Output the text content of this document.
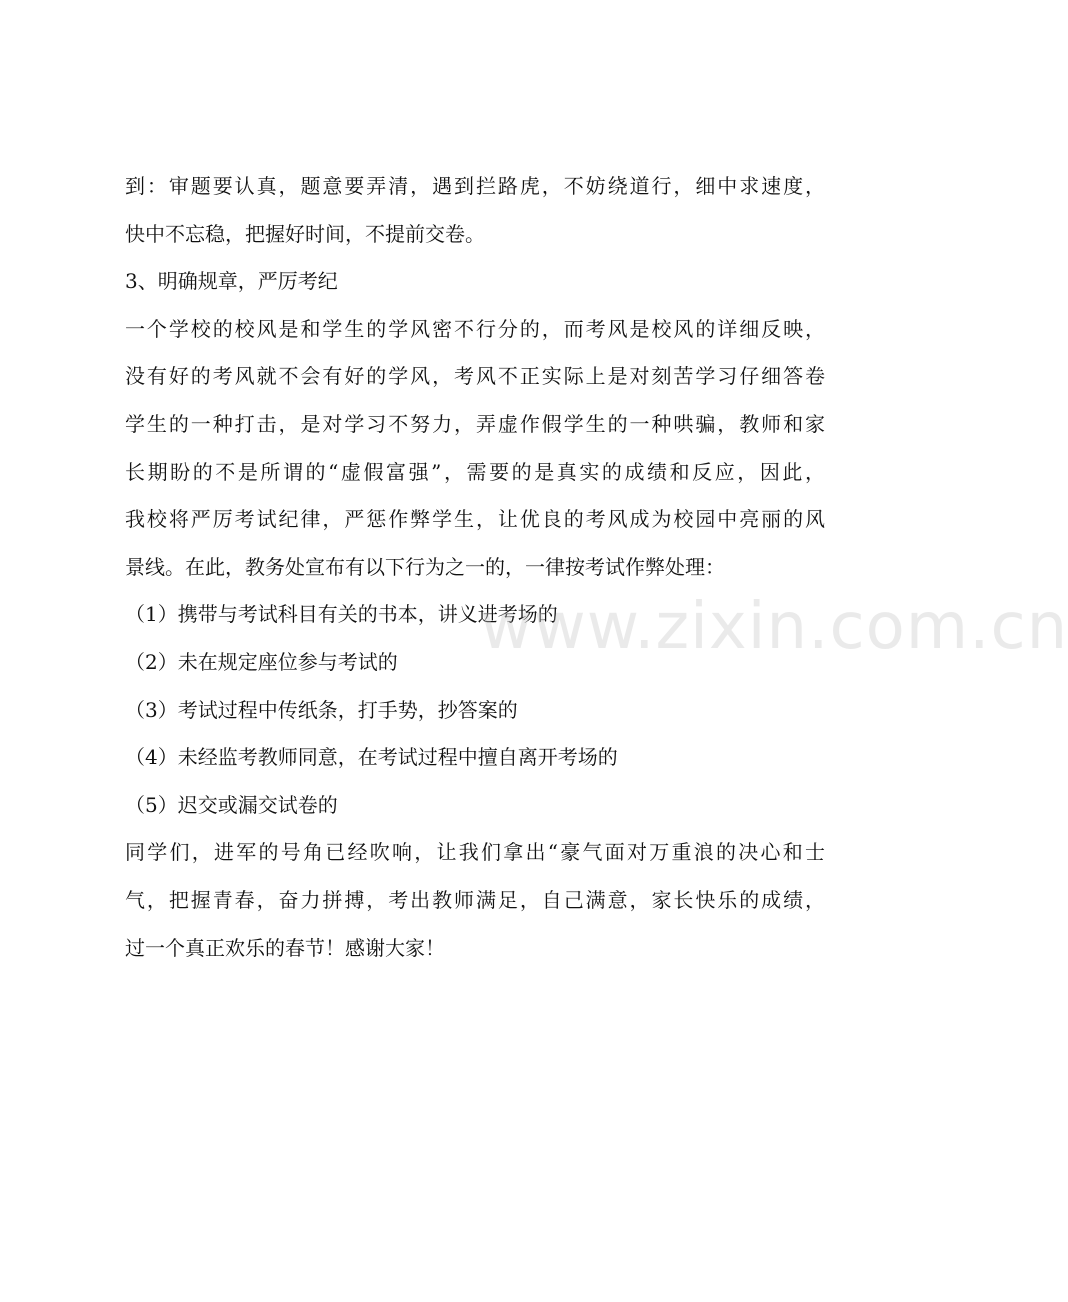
到：审题要认真，题意要弄清，遇到拦路虎，不妨绕道行，细中求速度，
快中不忘稳，把握好时间，不提前交卷。
3、明确规章，严厉考纪
一个学校的校风是和学生的学风密不行分的，而考风是校风的详细反映，
没有好的考风就不会有好的学风，考风不正实际上是对刻苦学习仔细答卷
学生的一种打击，是对学习不努力，弄虚作假学生的一种哄骗，教师和家
长期盼的不是所谓的“虚假富强”，需要的是真实的成绩和反应，因此，
我校将严厉考试纪律，严惩作弊学生，让优良的考风成为校园中亮丽的风
景线。在此，教务处宣布有以下行为之一的，一律按考试作弊处理：
（1）携带与考试科目有关的书本，讲义进考场的
（2）未在规定座位参与考试的
（3）考试过程中传纸条，打手势，抄答案的
（4）未经监考教师同意，在考试过程中擅自离开考场的
（5）迟交或漏交试卷的
同学们，进军的号角已经吹响，让我们拿出“豪气面对万重浪的决心和士
气，把握青春，奋力拼搏，考出教师满足，自己满意，家长快乐的成绩，
过一个真正欢乐的春节！感谢大家！
www.zixin.com.cn
